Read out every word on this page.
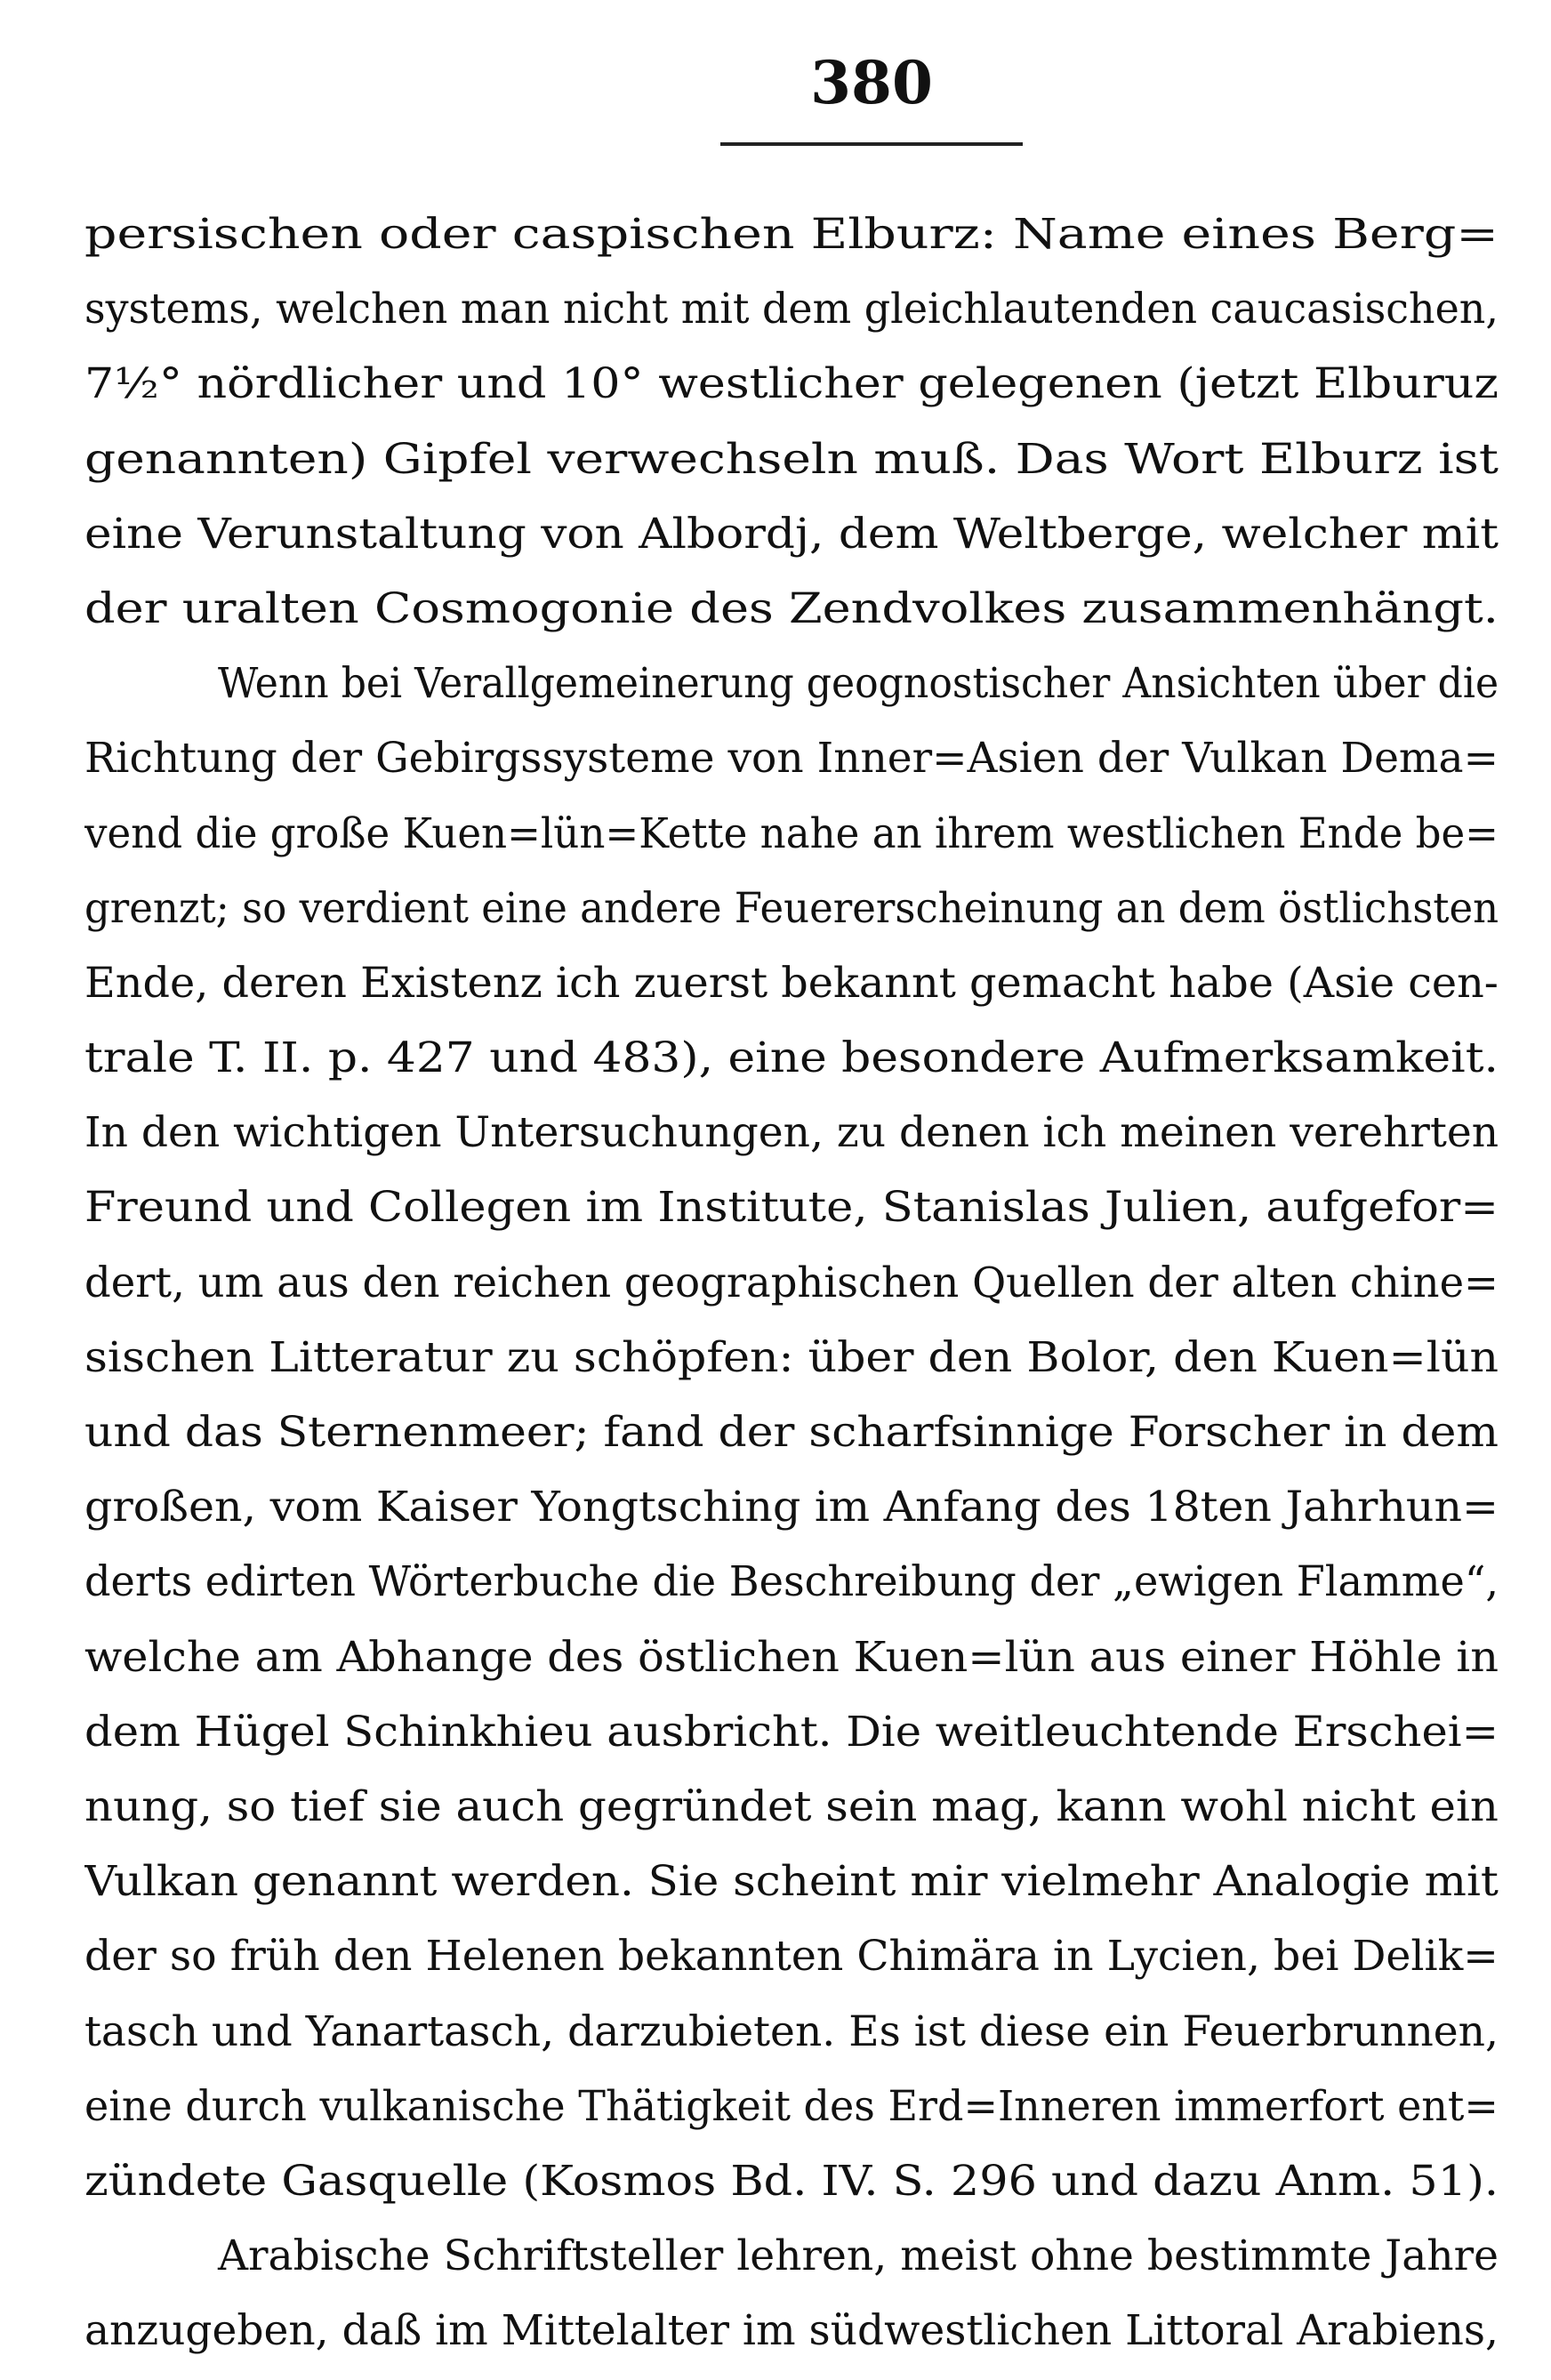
380
persischen oder caspischen Elburz: Name eines Berg=
systems, welchen man nicht mit dem gleichlautenden caucasischen,
7½° nördlicher und 10° westlicher gelegenen (jetzt Elburuz
genannten) Gipfel verwechseln muß. Das Wort Elburz ist
eine Verunstaltung von Albordj, dem Weltberge, welcher mit
der uralten Cosmogonie des Zendvolkes zusammenhängt.
Wenn bei Verallgemeinerung geognostischer Ansichten über die
Richtung der Gebirgssysteme von Inner=Asien der Vulkan Dema=
vend die große Kuen=lün=Kette nahe an ihrem westlichen Ende be=
grenzt; so verdient eine andere Feuererscheinung an dem östlichsten
Ende, deren Existenz ich zuerst bekannt gemacht habe (Asie cen-
trale T. II. p. 427 und 483), eine besondere Aufmerksamkeit.
In den wichtigen Untersuchungen, zu denen ich meinen verehrten
Freund und Collegen im Institute, Stanislas Julien, aufgefor=
dert, um aus den reichen geographischen Quellen der alten chine=
sischen Litteratur zu schöpfen: über den Bolor, den Kuen=lün
und das Sternenmeer; fand der scharfsinnige Forscher in dem
großen, vom Kaiser Yongtsching im Anfang des 18ten Jahrhun=
derts edirten Wörterbuche die Beschreibung der „ewigen Flamme“,
welche am Abhange des östlichen Kuen=lün aus einer Höhle in
dem Hügel Schinkhieu ausbricht. Die weitleuchtende Erschei=
nung, so tief sie auch gegründet sein mag, kann wohl nicht ein
Vulkan genannt werden. Sie scheint mir vielmehr Analogie mit
der so früh den Helenen bekannten Chimära in Lycien, bei Delik=
tasch und Yanartasch, darzubieten. Es ist diese ein Feuerbrunnen,
eine durch vulkanische Thätigkeit des Erd=Inneren immerfort ent=
zündete Gasquelle (Kosmos Bd. IV. S. 296 und dazu Anm. 51).
Arabische Schriftsteller lehren, meist ohne bestimmte Jahre
anzugeben, daß im Mittelalter im südwestlichen Littoral Arabiens,
